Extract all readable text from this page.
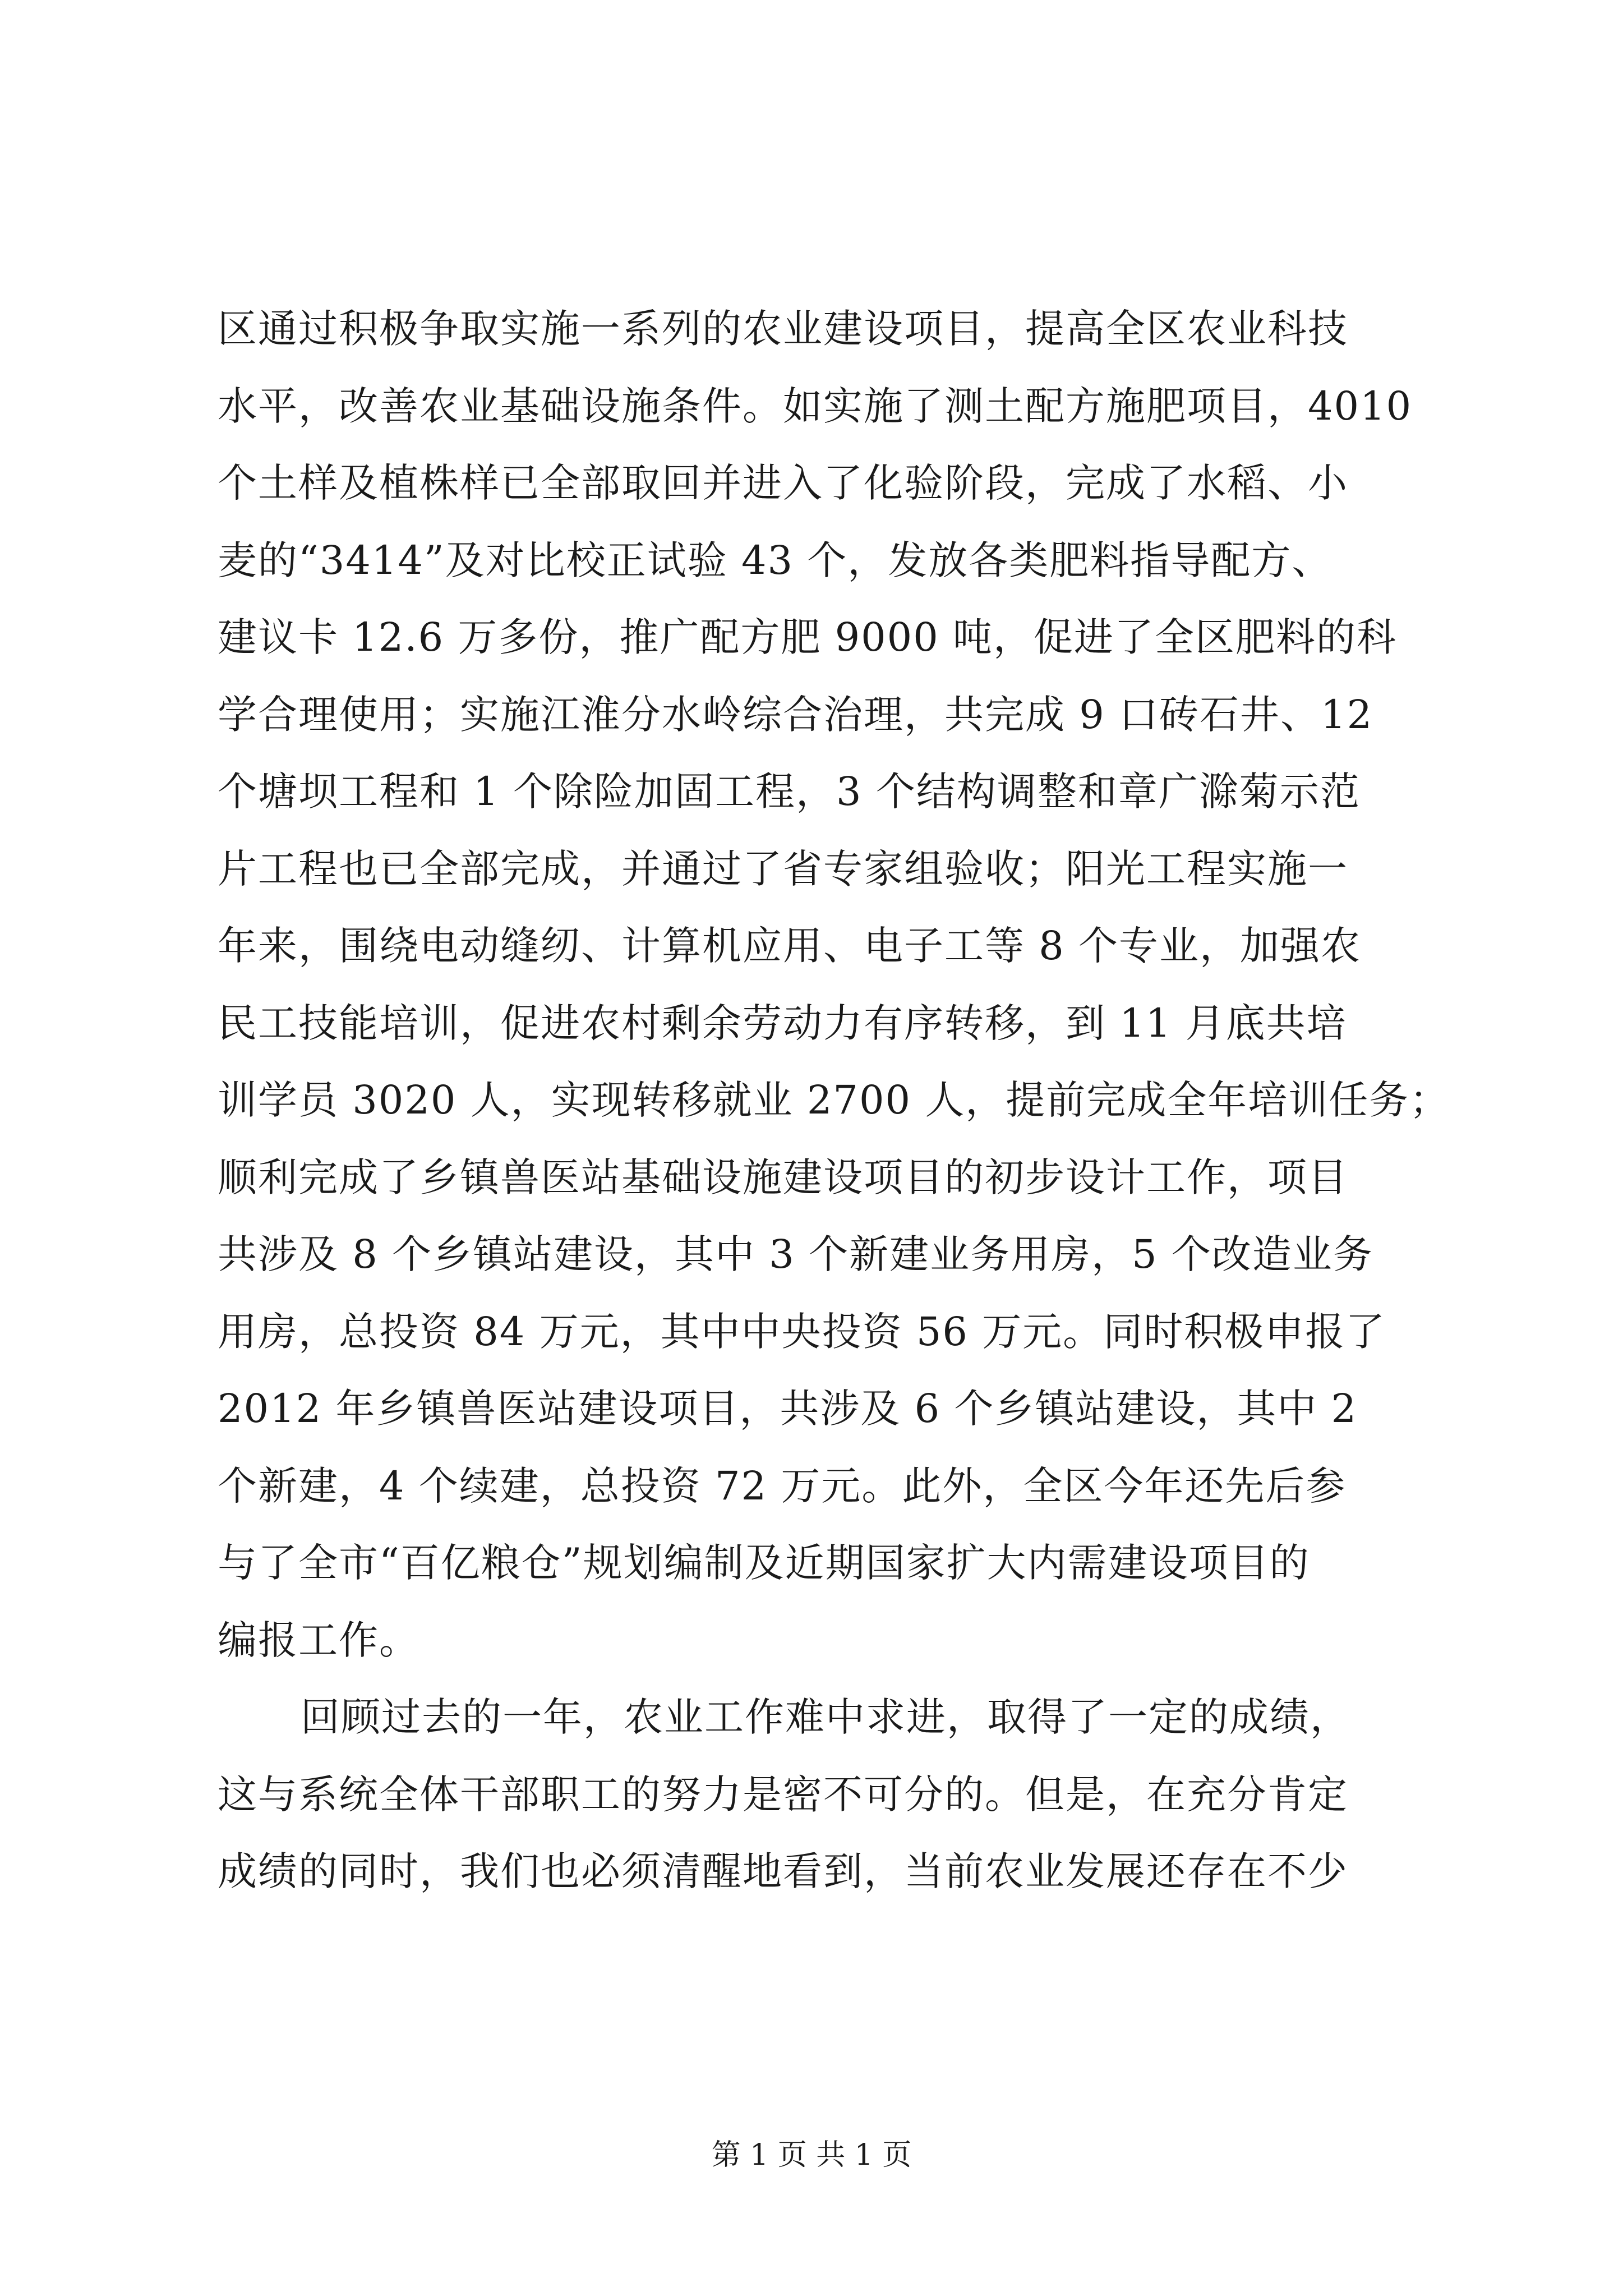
区通过积极争取实施一系列的农业建设项目，提高全区农业科技
水平，改善农业基础设施条件。如实施了测土配方施肥项目，4010
个土样及植株样已全部取回并进入了化验阶段，完成了水稻、小
麦的“3414”及对比校正试验 43 个，发放各类肥料指导配方、
建议卡 12.6 万多份，推广配方肥 9000 吨，促进了全区肥料的科
学合理使用；实施江淮分水岭综合治理，共完成 9 口砖石井、12
个塘坝工程和 1 个除险加固工程，3 个结构调整和章广滁菊示范
片工程也已全部完成，并通过了省专家组验收；阳光工程实施一
年来，围绕电动缝纫、计算机应用、电子工等 8 个专业，加强农
民工技能培训，促进农村剩余劳动力有序转移，到 11 月底共培
训学员 3020 人，实现转移就业 2700 人，提前完成全年培训任务；
顺利完成了乡镇兽医站基础设施建设项目的初步设计工作，项目
共涉及 8 个乡镇站建设，其中 3 个新建业务用房，5 个改造业务
用房，总投资 84 万元，其中中央投资 56 万元。同时积极申报了
2012 年乡镇兽医站建设项目，共涉及 6 个乡镇站建设，其中 2
个新建，4 个续建，总投资 72 万元。此外，全区今年还先后参
与了全市“百亿粮仓”规划编制及近期国家扩大内需建设项目的
编报工作。
回顾过去的一年，农业工作难中求进，取得了一定的成绩，
这与系统全体干部职工的努力是密不可分的。但是，在充分肯定
成绩的同时，我们也必须清醒地看到，当前农业发展还存在不少
第 1 页 共 1 页
